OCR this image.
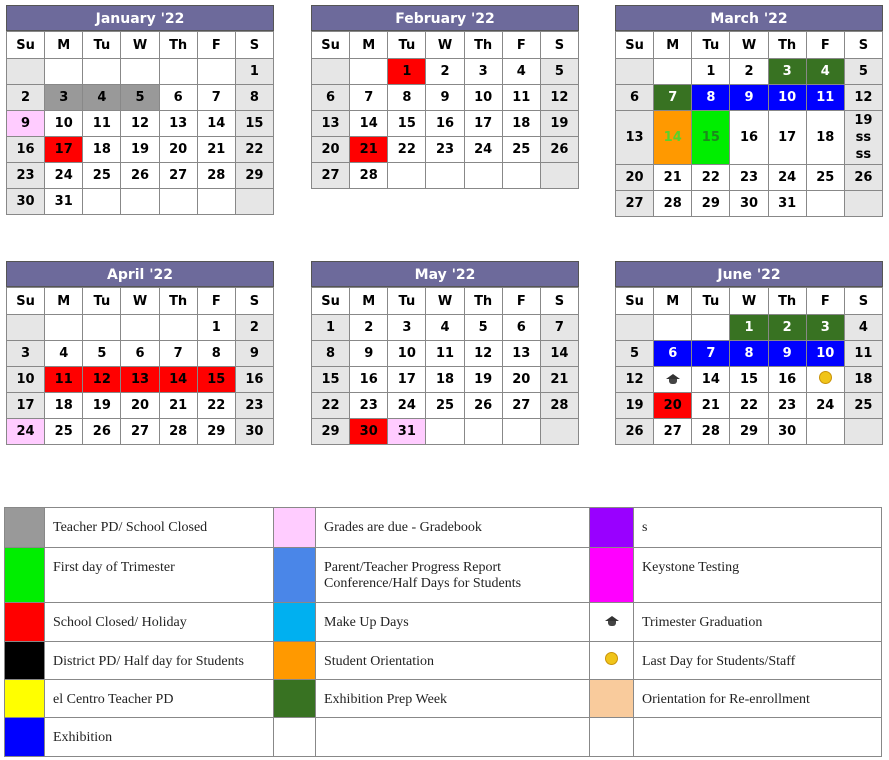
January '22
Su	M	Tu	W	Th	F	S
						1
2	3	4	5	6	7	8
9	10	11	12	13	14	15
16	17	18	19	20	21	22
23	24	25	26	27	28	29
30	31					
February '22
Su	M	Tu	W	Th	F	S
		1	2	3	4	5
6	7	8	9	10	11	12
13	14	15	16	17	18	19
20	21	22	23	24	25	26
27	28					
March '22
Su	M	Tu	W	Th	F	S
		1	2	3	4	5
6	7	8	9	10	11	12
13	14	15	16	17	18	19
ss
ss

20	21	22	23	24	25	26
27	28	29	30	31		
April '22
Su	M	Tu	W	Th	F	S
					1	2
3	4	5	6	7	8	9
10	11	12	13	14	15	16
17	18	19	20	21	22	23
24	25	26	27	28	29	30
May '22
Su	M	Tu	W	Th	F	S
1	2	3	4	5	6	7
8	9	10	11	12	13	14
15	16	17	18	19	20	21
22	23	24	25	26	27	28
29	30	31				
June '22
Su	M	Tu	W	Th	F	S
			1	2	3	4
5	6	7	8	9	10	11
12		14	15	16		18
19	20	21	22	23	24	25
26	27	28	29	30		
	Teacher PD/ School Closed		Grades are due - Gradebook		s
	First day of Trimester		Parent/Teacher Progress Report Conference/Half Days for Students		Keystone Testing
	School Closed/ Holiday		Make Up Days		Trimester Graduation
	District PD/ Half day for Students		Student Orientation		Last Day for Students/Staff
	el Centro Teacher PD		Exhibition Prep Week		Orientation for Re-enrollment
	Exhibition				
